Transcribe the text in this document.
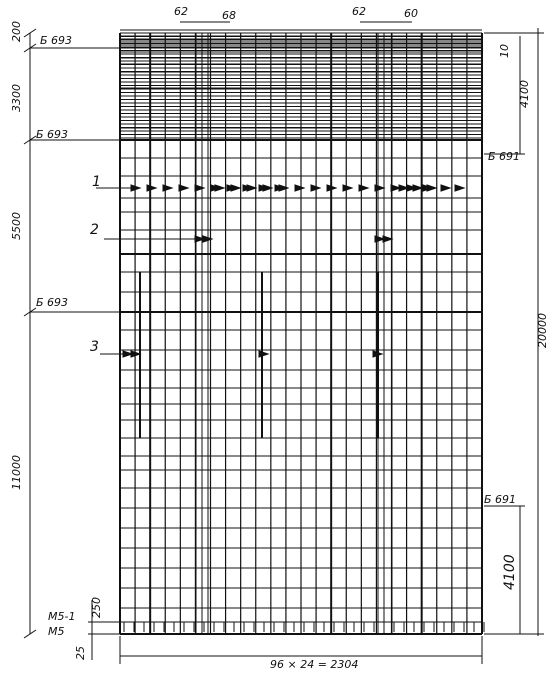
62	68	62	60
200
3300
5500
11000
Б 693
Б 693
Б 693
Б 691
Б 691
10
4100
20000
4100
1
2
3
М5-1
М5
250
25
96 × 24 = 2304
